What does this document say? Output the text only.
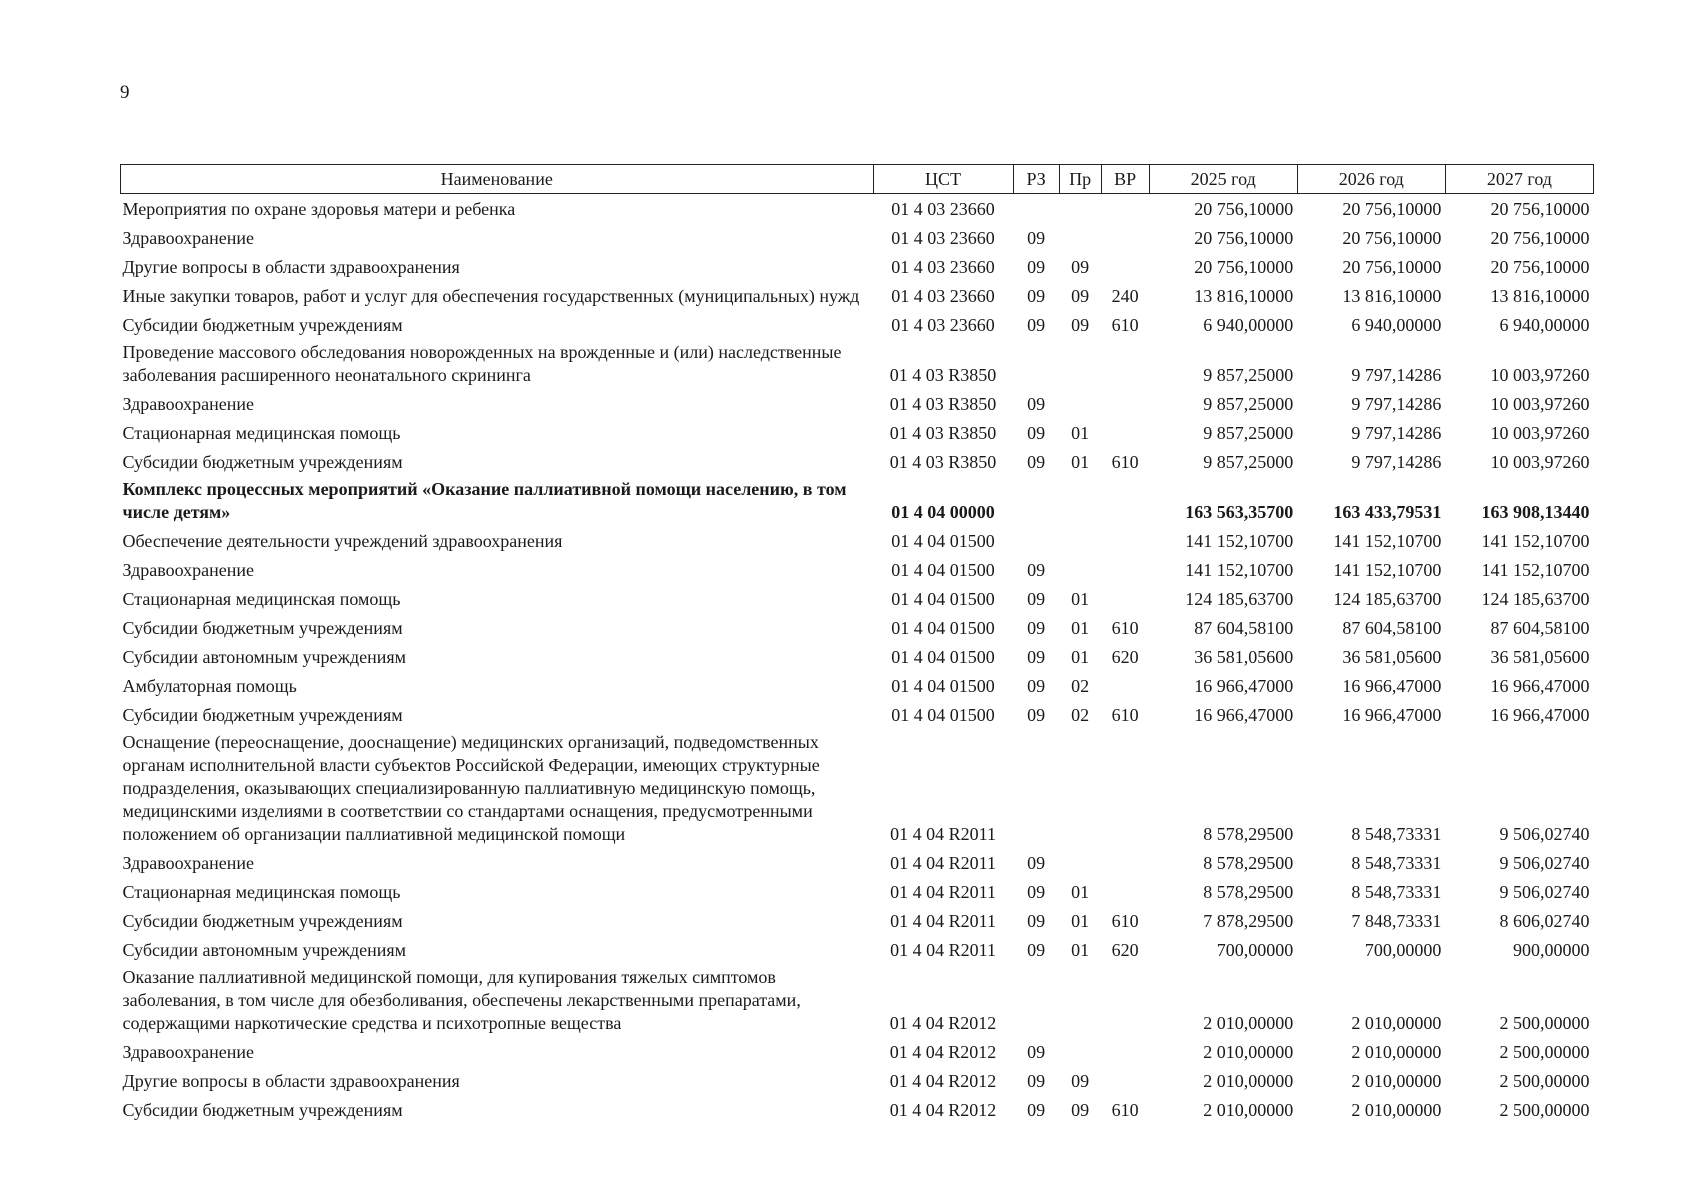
9
Наименование	ЦСТ	РЗ	Пр	ВР	2025 год	2026 год	2027 год
Мероприятия по охране здоровья матери и ребенка	01 4 03 23660				20 756,10000	20 756,10000	20 756,10000
Здравоохранение	01 4 03 23660	09			20 756,10000	20 756,10000	20 756,10000
Другие вопросы в области здравоохранения	01 4 03 23660	09	09		20 756,10000	20 756,10000	20 756,10000
Иные закупки товаров, работ и услуг для обеспечения государственных (муниципальных) нужд	01 4 03 23660	09	09	240	13 816,10000	13 816,10000	13 816,10000
Субсидии бюджетным учреждениям	01 4 03 23660	09	09	610	6 940,00000	6 940,00000	6 940,00000
Проведение массового обследования новорожденных на врожденные и (или) наследственные заболевания расширенного неонатального скрининга	01 4 03 R3850				9 857,25000	9 797,14286	10 003,97260
Здравоохранение	01 4 03 R3850	09			9 857,25000	9 797,14286	10 003,97260
Стационарная медицинская помощь	01 4 03 R3850	09	01		9 857,25000	9 797,14286	10 003,97260
Субсидии бюджетным учреждениям	01 4 03 R3850	09	01	610	9 857,25000	9 797,14286	10 003,97260
Комплекс процессных мероприятий «Оказание паллиативной помощи населению, в том числе детям»	01 4 04 00000				163 563,35700	163 433,79531	163 908,13440
Обеспечение деятельности учреждений здравоохранения	01 4 04 01500				141 152,10700	141 152,10700	141 152,10700
Здравоохранение	01 4 04 01500	09			141 152,10700	141 152,10700	141 152,10700
Стационарная медицинская помощь	01 4 04 01500	09	01		124 185,63700	124 185,63700	124 185,63700
Субсидии бюджетным учреждениям	01 4 04 01500	09	01	610	87 604,58100	87 604,58100	87 604,58100
Субсидии автономным учреждениям	01 4 04 01500	09	01	620	36 581,05600	36 581,05600	36 581,05600
Амбулаторная помощь	01 4 04 01500	09	02		16 966,47000	16 966,47000	16 966,47000
Субсидии бюджетным учреждениям	01 4 04 01500	09	02	610	16 966,47000	16 966,47000	16 966,47000
Оснащение (переоснащение, дооснащение) медицинских организаций, подведомственных органам исполнительной власти субъектов Российской Федерации, имеющих структурные подразделения, оказывающих специализированную паллиативную медицинскую помощь, медицинскими изделиями в соответствии со стандартами оснащения, предусмотренными положением об организации паллиативной медицинской помощи	01 4 04 R2011				8 578,29500	8 548,73331	9 506,02740
Здравоохранение	01 4 04 R2011	09			8 578,29500	8 548,73331	9 506,02740
Стационарная медицинская помощь	01 4 04 R2011	09	01		8 578,29500	8 548,73331	9 506,02740
Субсидии бюджетным учреждениям	01 4 04 R2011	09	01	610	7 878,29500	7 848,73331	8 606,02740
Субсидии автономным учреждениям	01 4 04 R2011	09	01	620	700,00000	700,00000	900,00000
Оказание паллиативной медицинской помощи, для купирования тяжелых симптомов заболевания, в том числе для обезболивания, обеспечены лекарственными препаратами, содержащими наркотические средства и психотропные вещества	01 4 04 R2012				2 010,00000	2 010,00000	2 500,00000
Здравоохранение	01 4 04 R2012	09			2 010,00000	2 010,00000	2 500,00000
Другие вопросы в области здравоохранения	01 4 04 R2012	09	09		2 010,00000	2 010,00000	2 500,00000
Субсидии бюджетным учреждениям	01 4 04 R2012	09	09	610	2 010,00000	2 010,00000	2 500,00000
